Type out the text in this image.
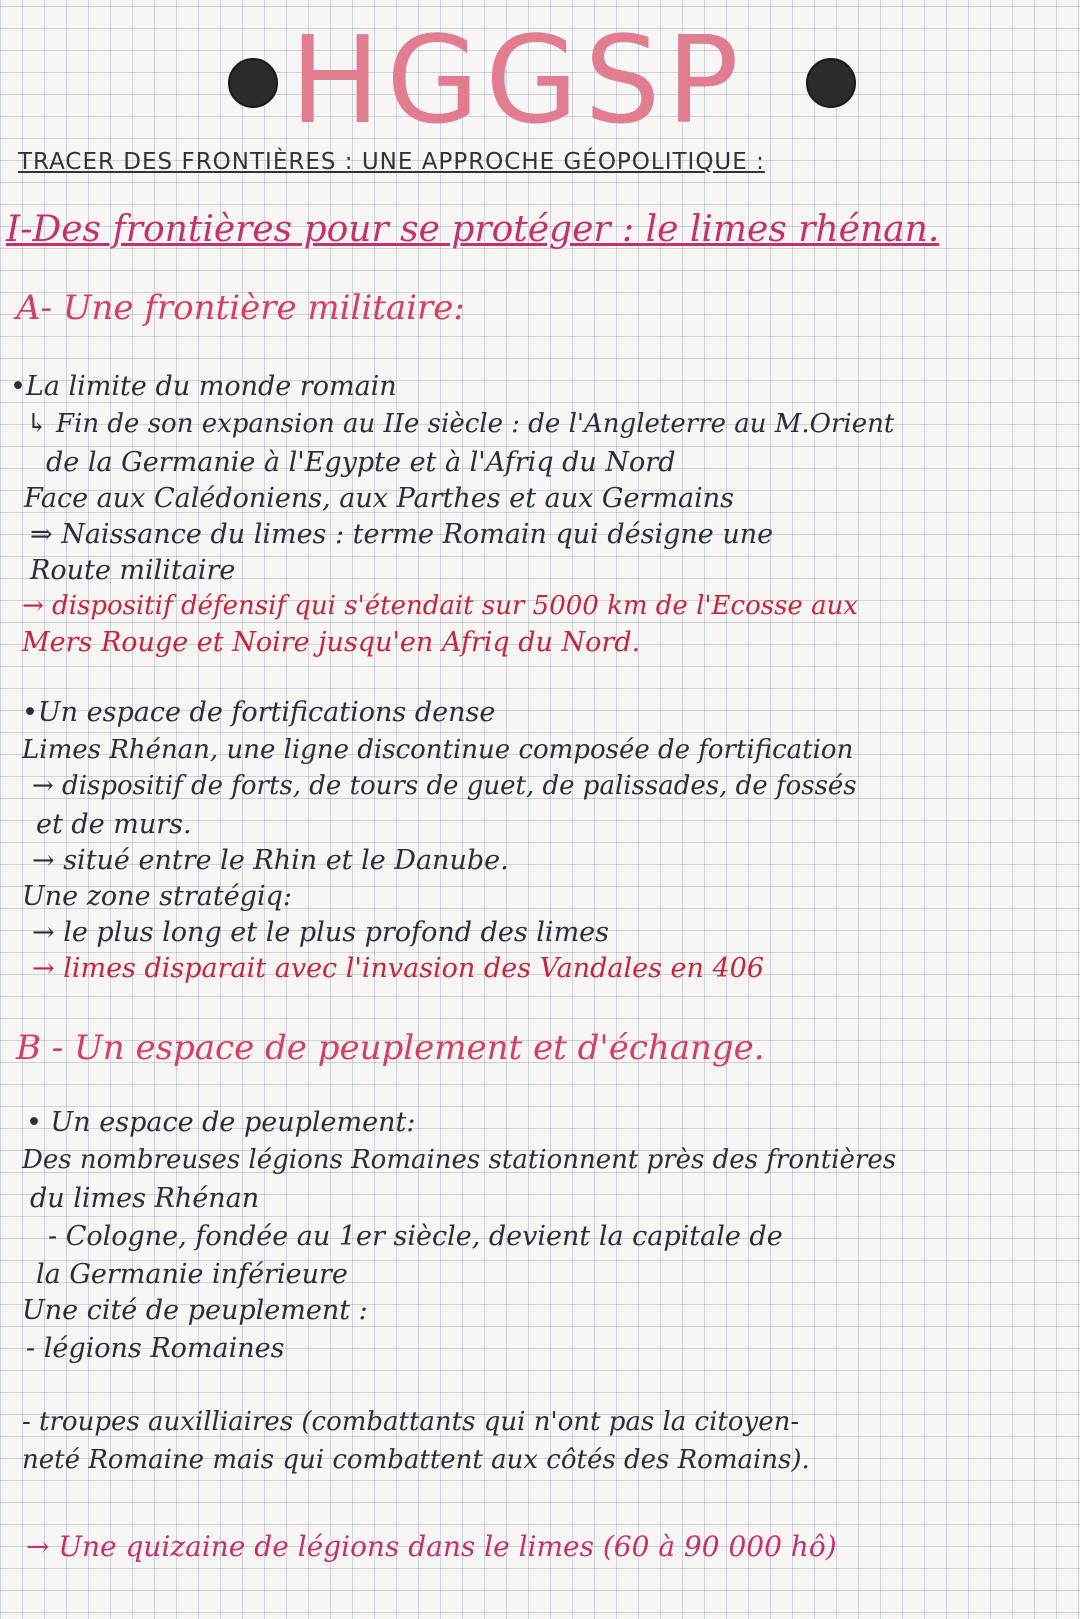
HGGSP
TRACER DES FRONTIÈRES : UNE APPROCHE GÉOPOLITIQUE :
I-Des frontières pour se protéger : le limes rhénan.
A- Une frontière militaire:
•La limite du monde romain
↳ Fin de son expansion au IIe siècle : de l'Angleterre au M.Orient
de la Germanie à l'Egypte et à l'Afriq du Nord
Face aux Calédoniens, aux Parthes et aux Germains
⇒ Naissance du limes : terme Romain qui désigne une
Route militaire
→ dispositif défensif qui s'étendait sur 5000 km de l'Ecosse aux
Mers Rouge et Noire jusqu'en Afriq du Nord.
•Un espace de fortifications dense
Limes Rhénan, une ligne discontinue composée de fortification
→ dispositif de forts, de tours de guet, de palissades, de fossés
et de murs.
→ situé entre le Rhin et le Danube.
Une zone stratégiq:
→ le plus long et le plus profond des limes
→ limes disparait avec l'invasion des Vandales en 406
B - Un espace de peuplement et d'échange.
• Un espace de peuplement:
Des nombreuses légions Romaines stationnent près des frontières
du limes Rhénan
- Cologne, fondée au 1er siècle, devient la capitale de
la Germanie inférieure
Une cité de peuplement :
- légions Romaines
- troupes auxilliaires (combattants qui n'ont pas la citoyen-
neté Romaine mais qui combattent aux côtés des Romains).
→ Une quizaine de légions dans le limes (60 à 90 000 hô)
